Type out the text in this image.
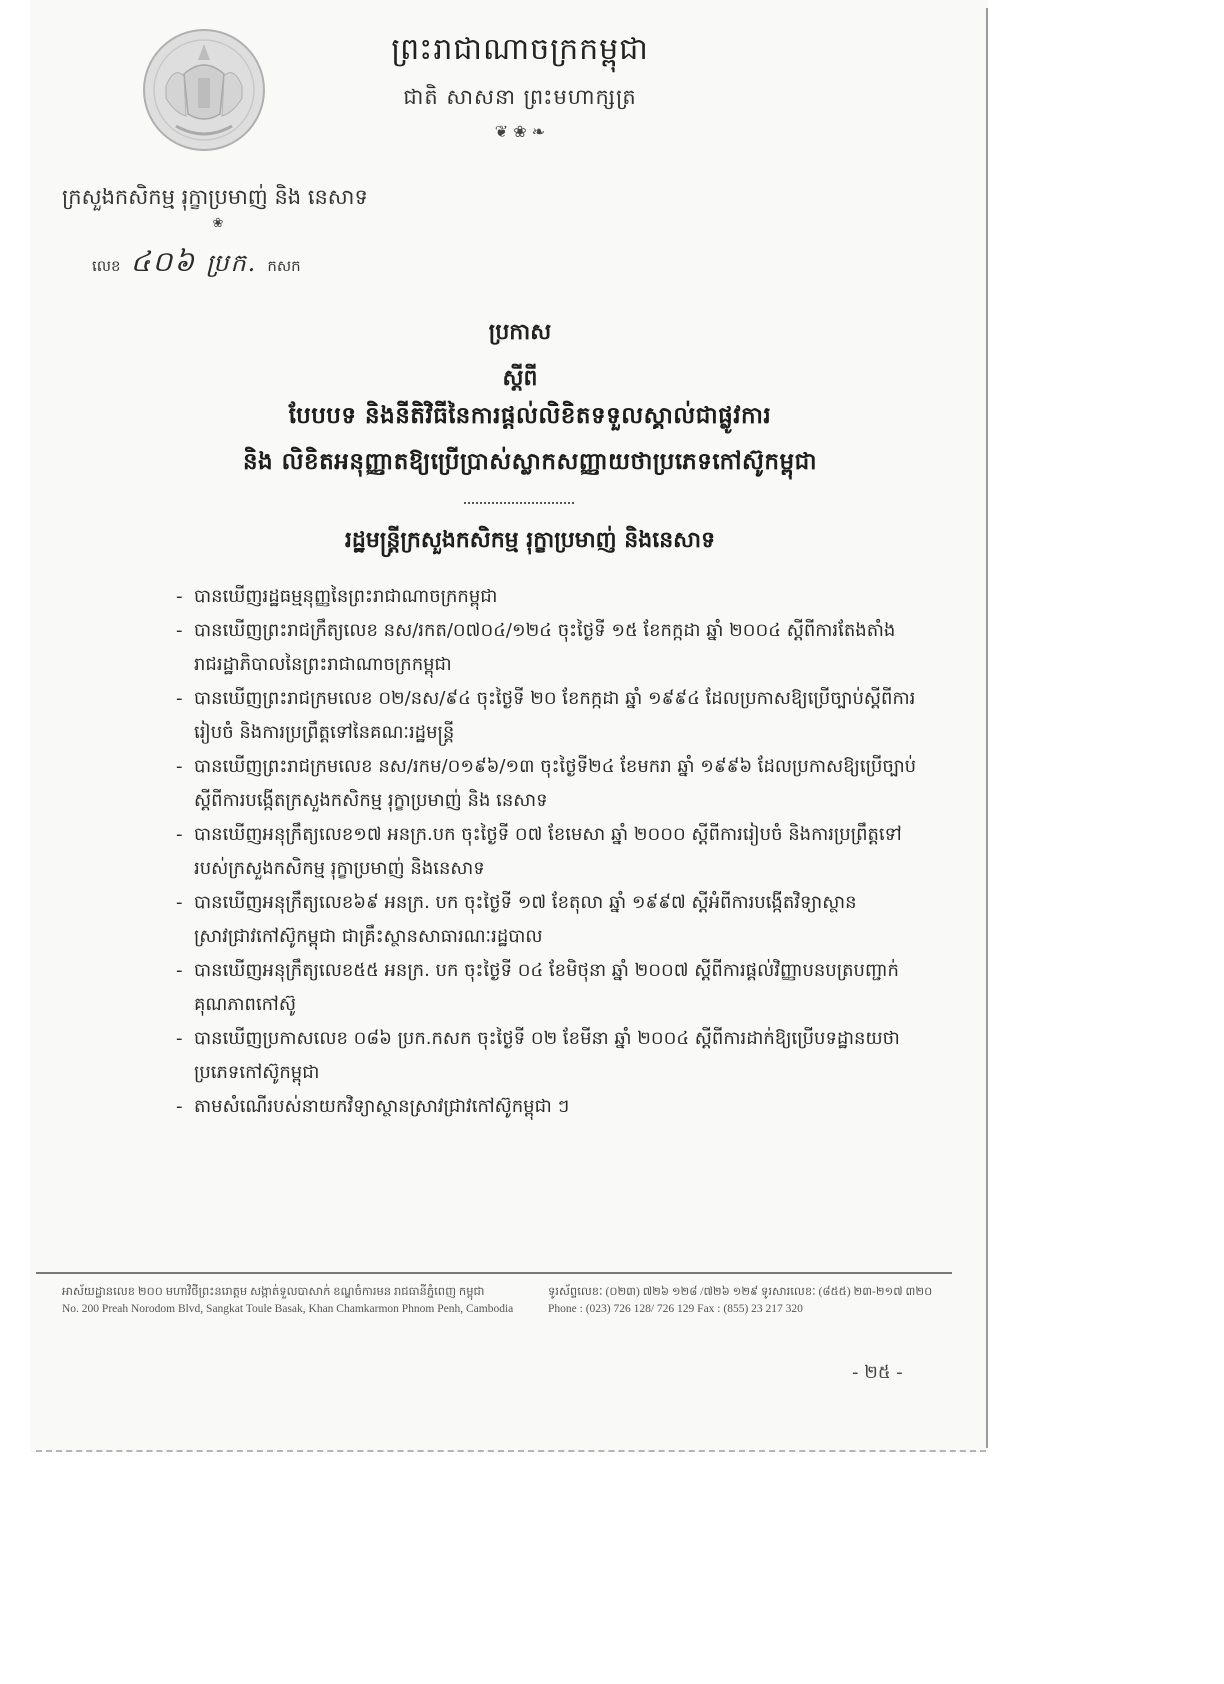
ព្រះរាជាណាចក្រកម្ពុជា
ជាតិ សាសនា ព្រះមហាក្សត្រ
❦ ❀ ❧
ក្រសួងកសិកម្ម រុក្ខាប្រមាញ់ និង នេសាទ
❀
លេខ ៤០៦ ប្រក. កសក
ប្រកាស
ស្តីពី
បែបបទ និងនីតិវិធីនៃការផ្តល់លិខិតទទួលស្គាល់ជាផ្លូវការ
និង លិខិតអនុញ្ញាតឱ្យប្រើប្រាស់ស្លាកសញ្ញាយថាប្រភេទកៅស៊ូកម្ពុជា
រដ្ឋមន្ត្រីក្រសួងកសិកម្ម រុក្ខាប្រមាញ់ និងនេសាទ
- បានឃើញរដ្ឋធម្មនុញ្ញនៃព្រះរាជាណាចក្រកម្ពុជា
- បានឃើញព្រះរាជក្រឹត្យលេខ នស/រកត/០៧០៤/១២៤ ចុះថ្ងៃទី ១៥ ខែកក្កដា ឆ្នាំ ២០០៤ ស្តីពីការតែងតាំងរាជរដ្ឋាភិបាលនៃព្រះរាជាណាចក្រកម្ពុជា
- បានឃើញព្រះរាជក្រមលេខ ០២/នស/៩៤ ចុះថ្ងៃទី ២០ ខែកក្កដា ឆ្នាំ ១៩៩៤ ដែលប្រកាសឱ្យប្រើច្បាប់ស្តីពីការរៀបចំ និងការប្រព្រឹត្តទៅនៃគណៈរដ្ឋមន្ត្រី
- បានឃើញព្រះរាជក្រមលេខ នស/រកម/០១៩៦/១៣ ចុះថ្ងៃទី២៤ ខែមករា ឆ្នាំ ១៩៩៦ ដែលប្រកាសឱ្យប្រើច្បាប់ស្តីពីការបង្កើតក្រសួងកសិកម្ម រុក្ខាប្រមាញ់ និង នេសាទ
- បានឃើញអនុក្រឹត្យលេខ១៧ អនក្រ.បក ចុះថ្ងៃទី ០៧ ខែមេសា ឆ្នាំ ២០០០ ស្តីពីការរៀបចំ និងការប្រព្រឹត្តទៅរបស់ក្រសួងកសិកម្ម រុក្ខាប្រមាញ់ និងនេសាទ
- បានឃើញអនុក្រឹត្យលេខ៦៩ អនក្រ. បក ចុះថ្ងៃទី ១៧ ខែតុលា ឆ្នាំ ១៩៩៧ ស្តីអំពីការបង្កើតវិទ្យាស្ថានស្រាវជ្រាវកៅស៊ូកម្ពុជា ជាគ្រឹះស្ថានសាធារណៈរដ្ឋបាល
- បានឃើញអនុក្រឹត្យលេខ៥៥ អនក្រ. បក ចុះថ្ងៃទី ០៤ ខែមិថុនា ឆ្នាំ ២០០៧ ស្តីពីការផ្តល់វិញ្ញាបនបត្របញ្ជាក់គុណភាពកៅស៊ូ
- បានឃើញប្រកាសលេខ ០៨៦ ប្រក.កសក ចុះថ្ងៃទី ០២ ខែមីនា ឆ្នាំ ២០០៤ ស្តីពីការដាក់ឱ្យប្រើបទដ្ឋានយថាប្រភេទកៅស៊ូកម្ពុជា
- តាមសំណើរបស់នាយកវិទ្យាស្ថានស្រាវជ្រាវកៅស៊ូកម្ពុជា ៗ
អាស័យដ្ឋានលេខ ២០០ មហាវិថីព្រះនរោត្តម សង្កាត់ទួលបាសាក់ ខណ្ឌចំការមន រាជធានីភ្នំពេញ កម្ពុជា
No. 200 Preah Norodom Blvd, Sangkat Toule Basak, Khan Chamkarmon Phnom Penh, Cambodia
ទូរស័ព្ទលេខៈ (០២៣) ៧២៦ ១២៨ /៧២៦ ១២៩ ទូរសារលេខៈ (៨៥៥) ២៣-២១៧ ៣២០
Phone : (023) 726 128/ 726 129 Fax : (855) 23 217 320
- ២៥ -
